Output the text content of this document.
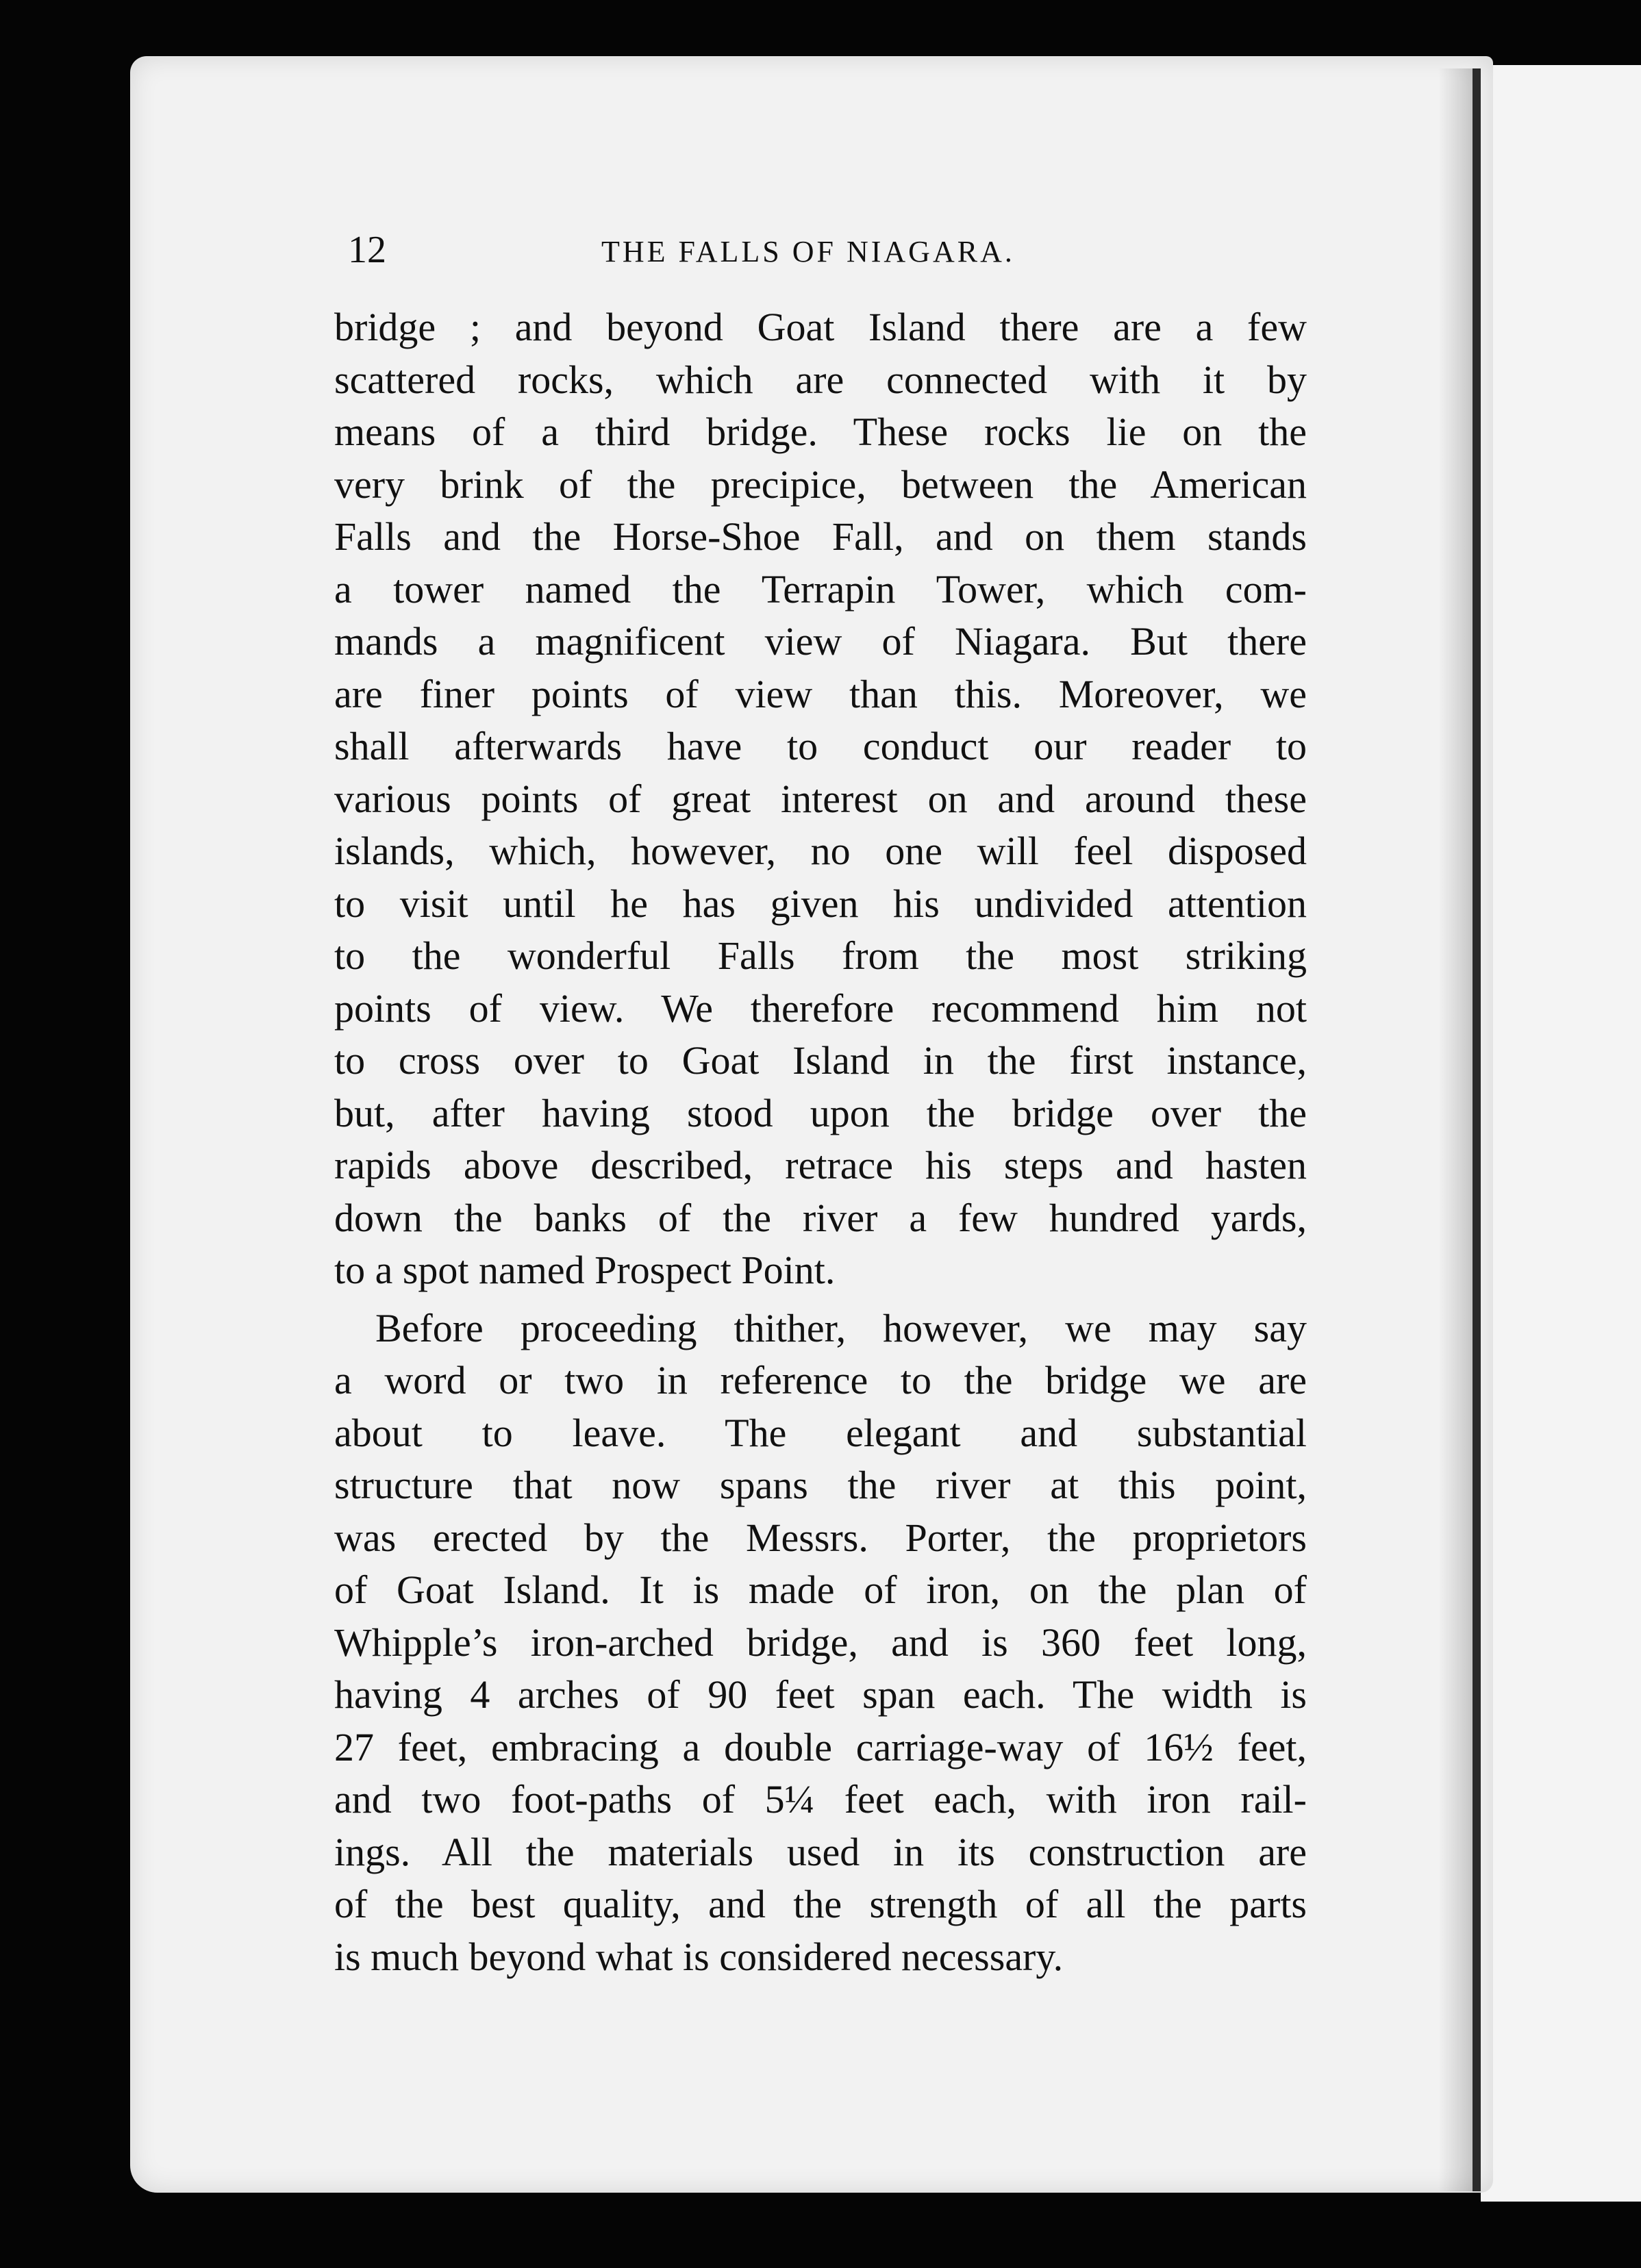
12	THE FALLS OF NIAGARA.
bridge ; and beyond Goat Island there are a few
scattered rocks, which are connected with it by
means of a third bridge. These rocks lie on the
very brink of the precipice, between the American
Falls and the Horse-Shoe Fall, and on them stands
a tower named the Terrapin Tower, which com-
mands a magnificent view of Niagara. But there
are finer points of view than this. Moreover, we
shall afterwards have to conduct our reader to
various points of great interest on and around these
islands, which, however, no one will feel disposed
to visit until he has given his undivided attention
to the wonderful Falls from the most striking
points of view. We therefore recommend him not
to cross over to Goat Island in the first instance,
but, after having stood upon the bridge over the
rapids above described, retrace his steps and hasten
down the banks of the river a few hundred yards,
to a spot named Prospect Point.
Before proceeding thither, however, we may say
a word or two in reference to the bridge we are
about to leave. The elegant and substantial
structure that now spans the river at this point,
was erected by the Messrs. Porter, the proprietors
of Goat Island. It is made of iron, on the plan of
Whipple’s iron-arched bridge, and is 360 feet long,
having 4 arches of 90 feet span each. The width is
27 feet, embracing a double carriage-way of 16½ feet,
and two foot-paths of 5¼ feet each, with iron rail-
ings. All the materials used in its construction are
of the best quality, and the strength of all the parts
is much beyond what is considered necessary.
